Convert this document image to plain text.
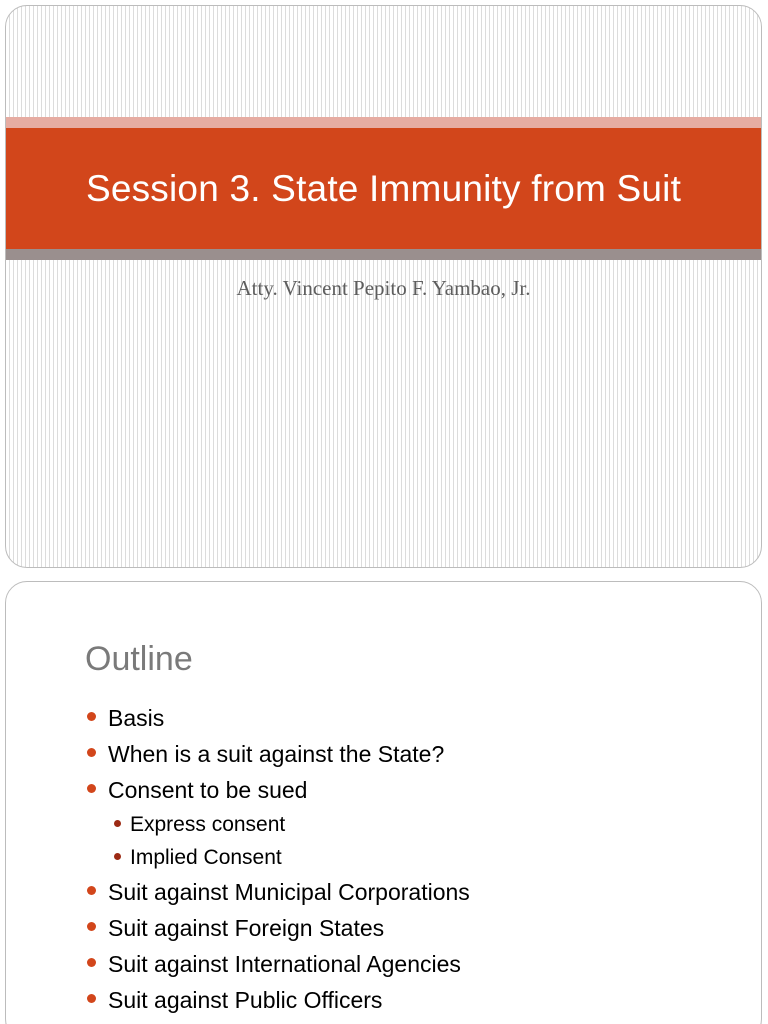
Session 3. State Immunity from Suit
Atty. Vincent Pepito F. Yambao, Jr.
Outline
Basis
When is a suit against the State?
Consent to be sued
Express consent
Implied Consent
Suit against Municipal Corporations
Suit against Foreign States
Suit against International Agencies
Suit against Public Officers
